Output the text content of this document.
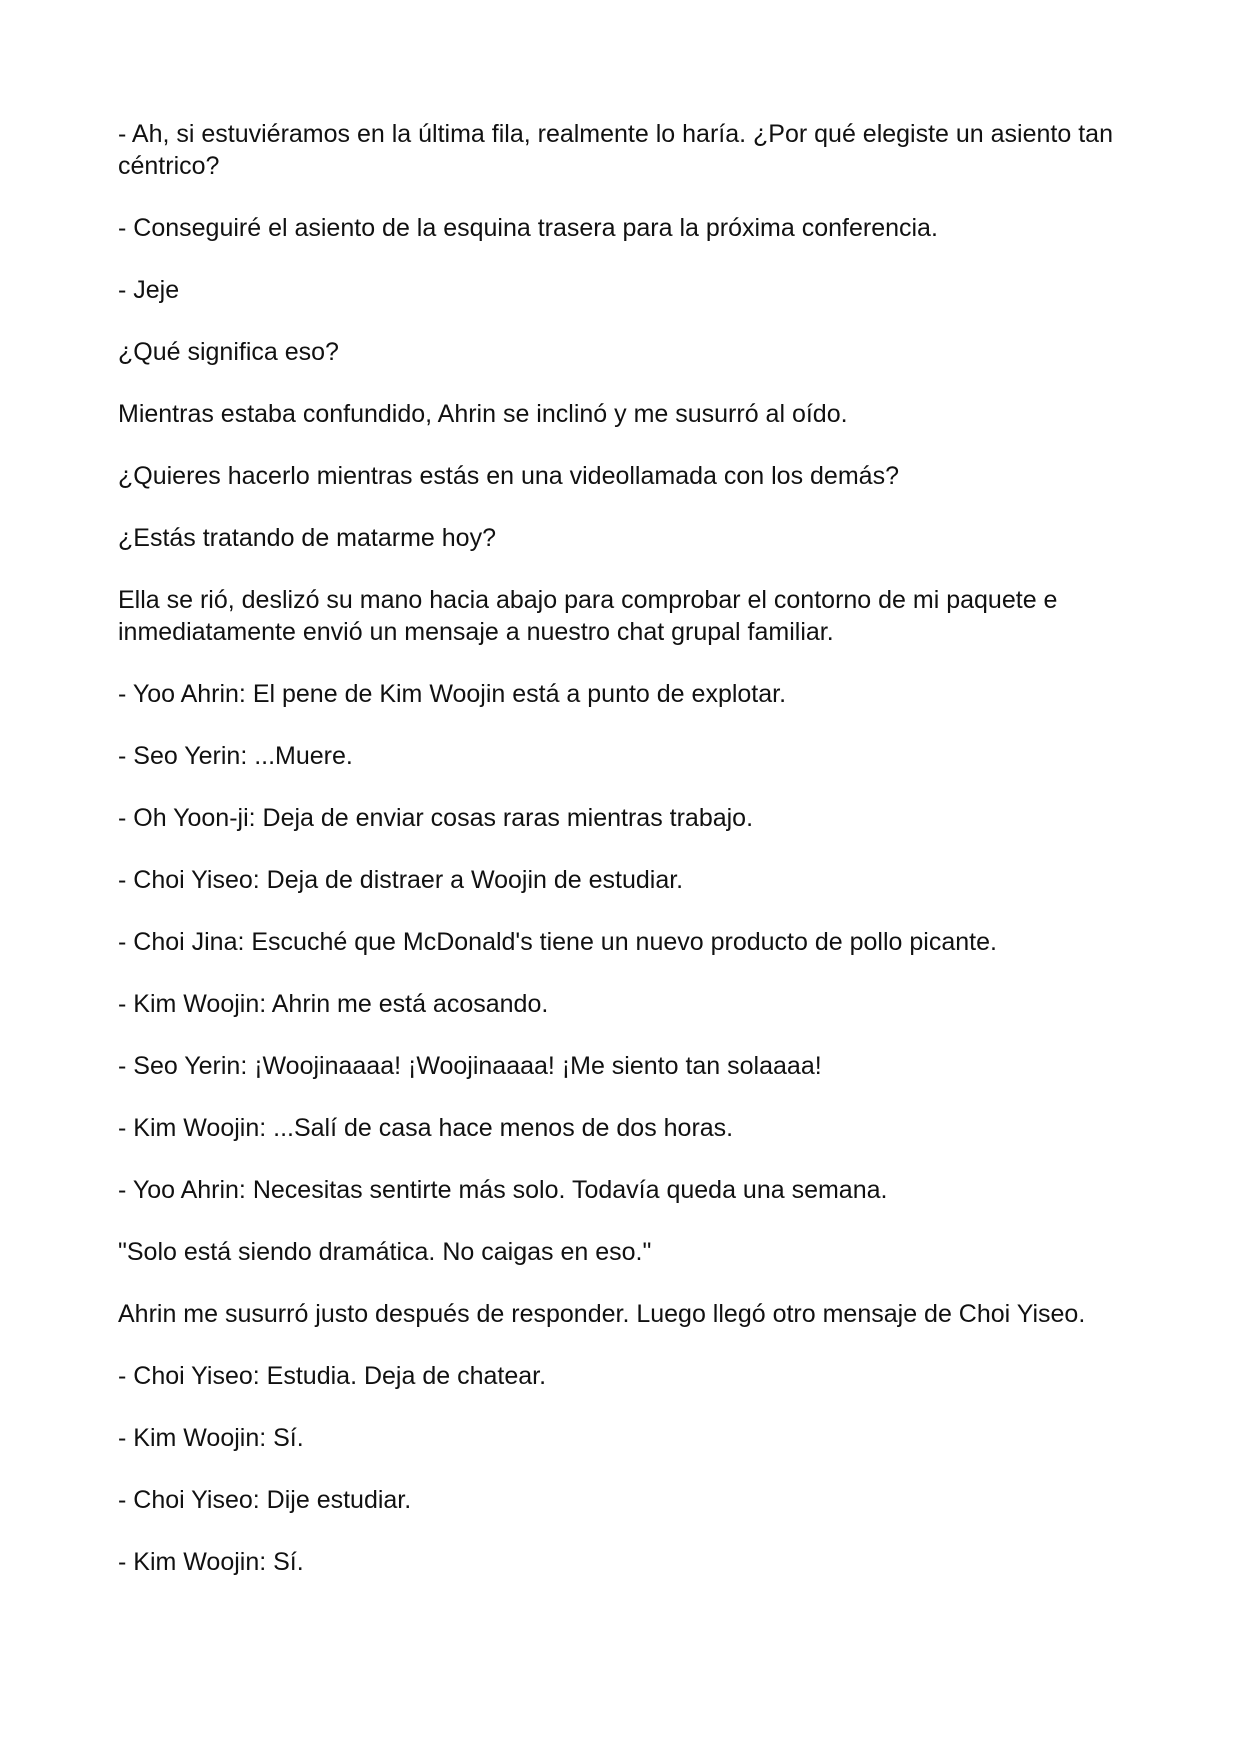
- Ah, si estuviéramos en la última fila, realmente lo haría. ¿Por qué elegiste un asiento tan céntrico?

- Conseguiré el asiento de la esquina trasera para la próxima conferencia.

- Jeje

¿Qué significa eso?

Mientras estaba confundido, Ahrin se inclinó y me susurró al oído.

¿Quieres hacerlo mientras estás en una videollamada con los demás?

¿Estás tratando de matarme hoy?

Ella se rió, deslizó su mano hacia abajo para comprobar el contorno de mi paquete e inmediatamente envió un mensaje a nuestro chat grupal familiar.

- Yoo Ahrin: El pene de Kim Woojin está a punto de explotar.

- Seo Yerin: ...Muere.

- Oh Yoon-ji: Deja de enviar cosas raras mientras trabajo.

- Choi Yiseo: Deja de distraer a Woojin de estudiar.

- Choi Jina: Escuché que McDonald's tiene un nuevo producto de pollo picante.

- Kim Woojin: Ahrin me está acosando.

- Seo Yerin: ¡Woojinaaaa! ¡Woojinaaaa! ¡Me siento tan solaaaa!

- Kim Woojin: ...Salí de casa hace menos de dos horas.

- Yoo Ahrin: Necesitas sentirte más solo. Todavía queda una semana.

"Solo está siendo dramática. No caigas en eso."

Ahrin me susurró justo después de responder. Luego llegó otro mensaje de Choi Yiseo.

- Choi Yiseo: Estudia. Deja de chatear.

- Kim Woojin: Sí.

- Choi Yiseo: Dije estudiar.

- Kim Woojin: Sí.
